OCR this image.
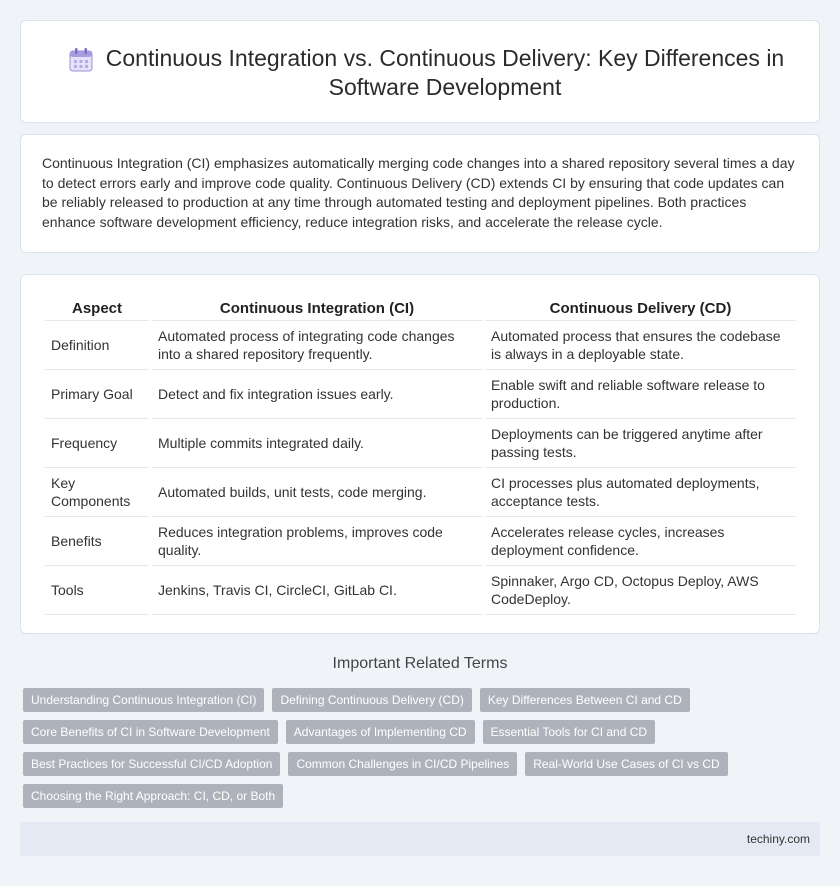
Continuous Integration vs. Continuous Delivery: Key Differences in Software Development

Continuous Integration (CI) emphasizes automatically merging code changes into a shared repository several times a day to detect errors early and improve code quality. Continuous Delivery (CD) extends CI by ensuring that code updates can be reliably released to production at any time through automated testing and deployment pipelines. Both practices enhance software development efficiency, reduce integration risks, and accelerate the release cycle.

Aspect	Continuous Integration (CI)	Continuous Delivery (CD)
Definition	Automated process of integrating code changes into a shared repository frequently.	Automated process that ensures the codebase is always in a deployable state.
Primary Goal	Detect and fix integration issues early.	Enable swift and reliable software release to production.
Frequency	Multiple commits integrated daily.	Deployments can be triggered anytime after passing tests.
Key Components	Automated builds, unit tests, code merging.	CI processes plus automated deployments, acceptance tests.
Benefits	Reduces integration problems, improves code quality.	Accelerates release cycles, increases deployment confidence.
Tools	Jenkins, Travis CI, CircleCI, GitLab CI.	Spinnaker, Argo CD, Octopus Deploy, AWS CodeDeploy.
Important Related Terms
Understanding Continuous Integration (CI)	Defining Continuous Delivery (CD)	Key Differences Between CI and CD
Core Benefits of CI in Software Development	Advantages of Implementing CD	Essential Tools for CI and CD
Best Practices for Successful CI/CD Adoption	Common Challenges in CI/CD Pipelines	Real-World Use Cases of CI vs CD
Choosing the Right Approach: CI, CD, or Both
techiny.com
